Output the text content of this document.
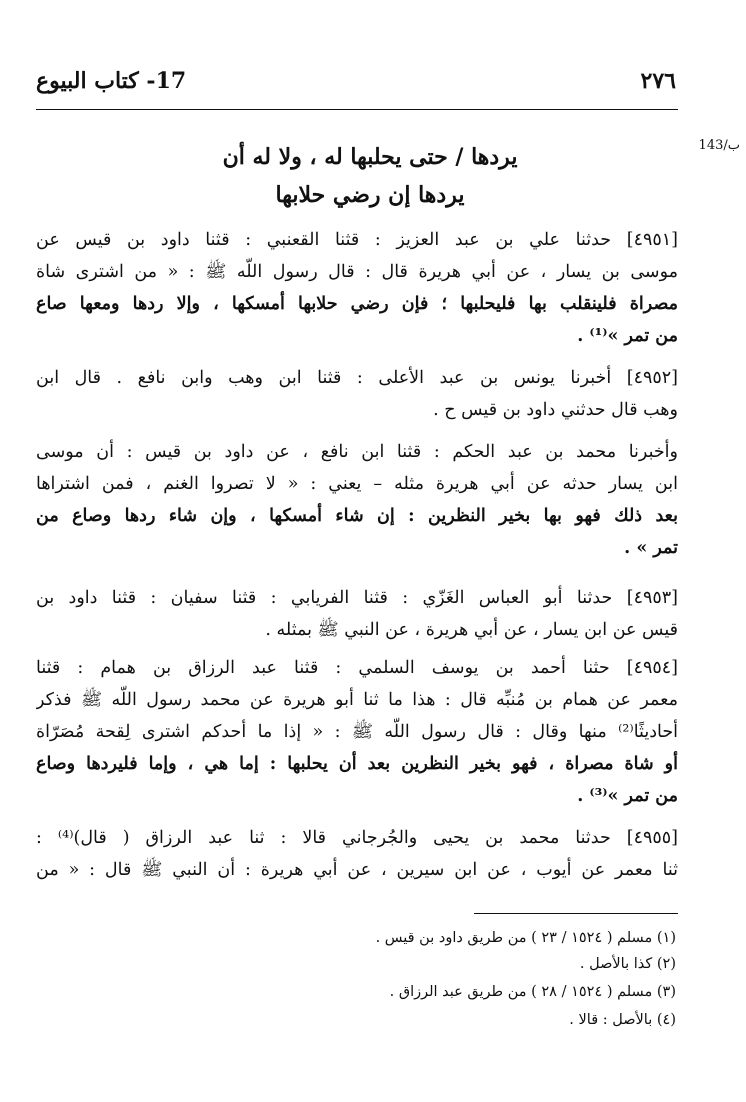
٢٧٦
17- كتاب البيوع
143/ب
يردها / حتى يحلبها له ، ولا له أن
يردها إن رضي حلابها
[٤٩٥١] حدثنا علي بن عبد العزيز : قثنا القعنبي : قثنا داود بن قيس عن
موسى بن يسار ، عن أبي هريرة قال : قال رسول اللّه ﷺ : « من اشترى شاة
مصراة فلينقلب بها فليحلبها ؛ فإن رضي حلابها أمسكها ، وإلا ردها ومعها صاع
من تمر »⁽¹⁾ .
[٤٩٥٢] أخبرنا يونس بن عبد الأعلى : قثنا ابن وهب وابن نافع . قال ابن
وهب قال حدثني داود بن قيس ح .
وأخبرنا محمد بن عبد الحكم : قثنا ابن نافع ، عن داود بن قيس : أن موسى
ابن يسار حدثه عن أبي هريرة مثله – يعني : « لا تصروا الغنم ، فمن اشتراها
بعد ذلك فهو بها بخير النظرين : إن شاء أمسكها ، وإن شاء ردها وصاع من
تمر » .
[٤٩٥٣] حدثنا أبو العباس الغَزّي : قثنا الفريابي : قثنا سفيان : قثنا داود بن
قيس عن ابن يسار ، عن أبي هريرة ، عن النبي ﷺ بمثله .
[٤٩٥٤] حثنا أحمد بن يوسف السلمي : قثنا عبد الرزاق بن همام : قثنا
معمر عن همام بن مُنبِّه قال : هذا ما ثنا أبو هريرة عن محمد رسول اللّه ﷺ فذكر
أحاديثًا⁽²⁾ منها وقال : قال رسول اللّه ﷺ : « إذا ما أحدكم اشترى لِقحة مُصَرّاة
أو شاة مصراة ، فهو بخير النظرين بعد أن يحلبها : إما هي ، وإما فليردها وصاع
من تمر »⁽³⁾ .
[٤٩٥٥] حدثنا محمد بن يحيى والجُرجاني قالا : ثنا عبد الرزاق ( قال)⁽⁴⁾ :
ثنا معمر عن أيوب ، عن ابن سيرين ، عن أبي هريرة : أن النبي ﷺ قال : « من
(١) مسلم ( ١٥٢٤ / ٢٣ ) من طريق داود بن قيس .
(٢) كذا بالأصل .
(٣) مسلم ( ١٥٢٤ / ٢٨ ) من طريق عبد الرزاق .
(٤) بالأصل : قالا .
